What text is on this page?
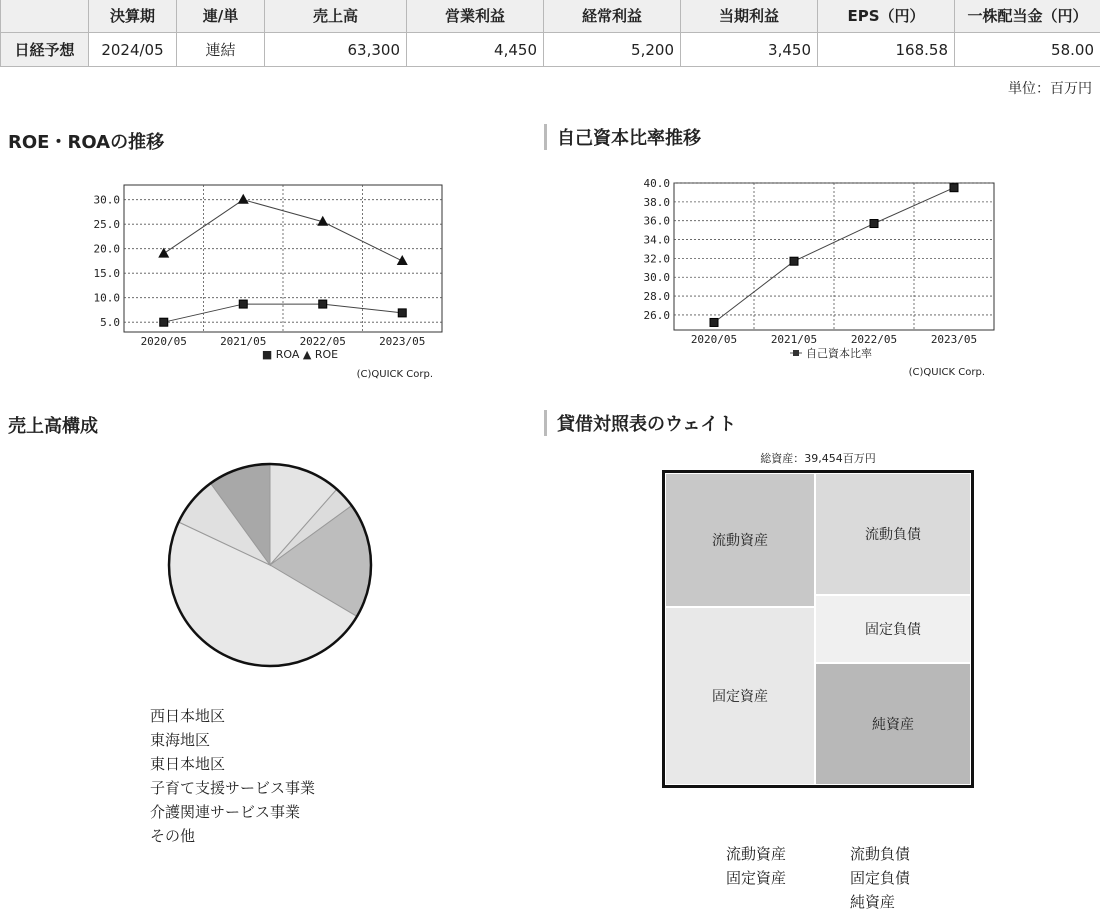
	決算期	連/単	売上高	営業利益	経常利益	当期利益	EPS（円）	一株配当金（円）
日経予想	2024/05	連結	63,300	4,450	5,200	3,450	168.58	58.00
単位：百万円
ROE・ROAの推移	自己資本比率推移
売上高構成	貸借対照表のウェイト
30.0
25.0
20.0
15.0
10.0
5.0
2020/05	2021/05	2022/05	2023/05
■ ROA ▲ ROE
(C)QUICK Corp.
40.0
38.0
36.0
34.0
32.0
30.0
28.0
26.0
2020/05	2021/05	2022/05	2023/05
自己資本比率
(C)QUICK Corp.
西日本地区
東海地区
東日本地区
子育て支援サービス事業
介護関連サービス事業
その他
総資産：39,454百万円
流動資産
固定資産
流動負債
固定負債
純資産
流動資産
固定資産
流動負債
固定負債
純資産
